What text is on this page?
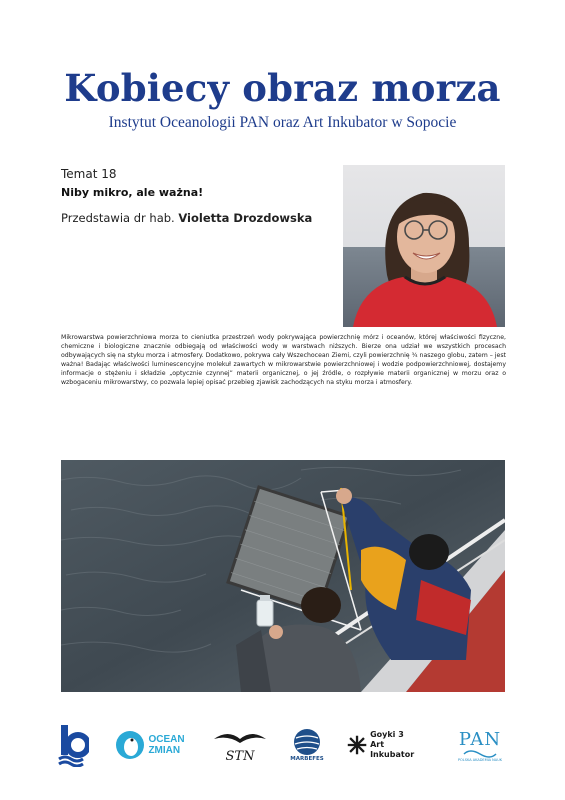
Kobiecy obraz morza
Instytut Oceanologii PAN oraz Art Inkubator w Sopocie
Temat 18
Niby mikro, ale ważna!
Przedstawia dr hab. Violetta Drozdowska
Mikrowarstwa powierzchniowa morza to cieniutka przestrzeń wody pokrywająca powierzchnię mórz i oceanów, której właściwości fizyczne, chemiczne i biologiczne znacznie odbiegają od właściwości wody w warstwach niższych. Bierze ona udział we wszystkich procesach odbywających się na styku morza i atmosfery. Dodatkowo, pokrywa cały Wszechocean Ziemi, czyli powierzchnię ¾ naszego globu, zatem – jest ważna! Badając właściwości luminescencyjne molekuł zawartych w mikrowarstwie powierzchniowej i wodzie podpowierzchniowej, dostajemy informacje o stężeniu i składzie „optycznie czynnej” materii organicznej, o jej źródle, o rozpływie materii organicznej w morzu oraz o wzbogaceniu mikrowarstwy, co pozwala lepiej opisać przebieg zjawisk zachodzących na styku morza i atmosfery.
OCEAN
ZMIAN	STN	MARBEFES
Goyki 3
Art Inkubator
PAN
POLSKA AKADEMIA NAUK
